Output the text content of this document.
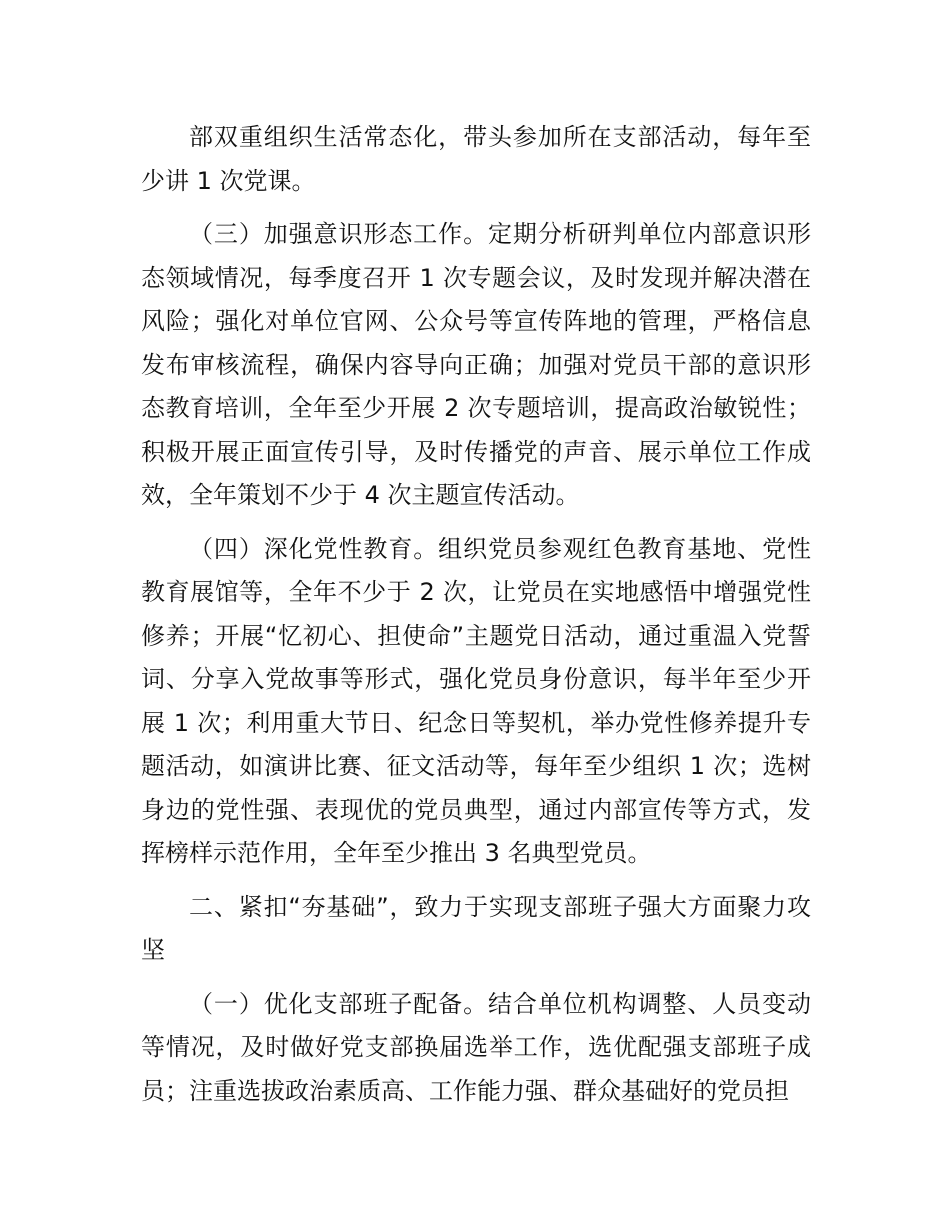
部双重组织生活常态化，带头参加所在支部活动，每年至少讲 1 次党课。

（三）加强意识形态工作。定期分析研判单位内部意识形态领域情况，每季度召开 1 次专题会议，及时发现并解决潜在风险；强化对单位官网、公众号等宣传阵地的管理，严格信息发布审核流程，确保内容导向正确；加强对党员干部的意识形态教育培训，全年至少开展 2 次专题培训，提高政治敏锐性；积极开展正面宣传引导，及时传播党的声音、展示单位工作成效，全年策划不少于 4 次主题宣传活动。

（四）深化党性教育。组织党员参观红色教育基地、党性教育展馆等，全年不少于 2 次，让党员在实地感悟中增强党性修养；开展“忆初心、担使命”主题党日活动，通过重温入党誓词、分享入党故事等形式，强化党员身份意识，每半年至少开展 1 次；利用重大节日、纪念日等契机，举办党性修养提升专题活动，如演讲比赛、征文活动等，每年至少组织 1 次；选树身边的党性强、表现优的党员典型，通过内部宣传等方式，发挥榜样示范作用，全年至少推出 3 名典型党员。

二、紧扣“夯基础”，致力于实现支部班子强大方面聚力攻坚

（一）优化支部班子配备。结合单位机构调整、人员变动等情况，及时做好党支部换届选举工作，选优配强支部班子成员；注重选拔政治素质高、工作能力强、群众基础好的党员担
